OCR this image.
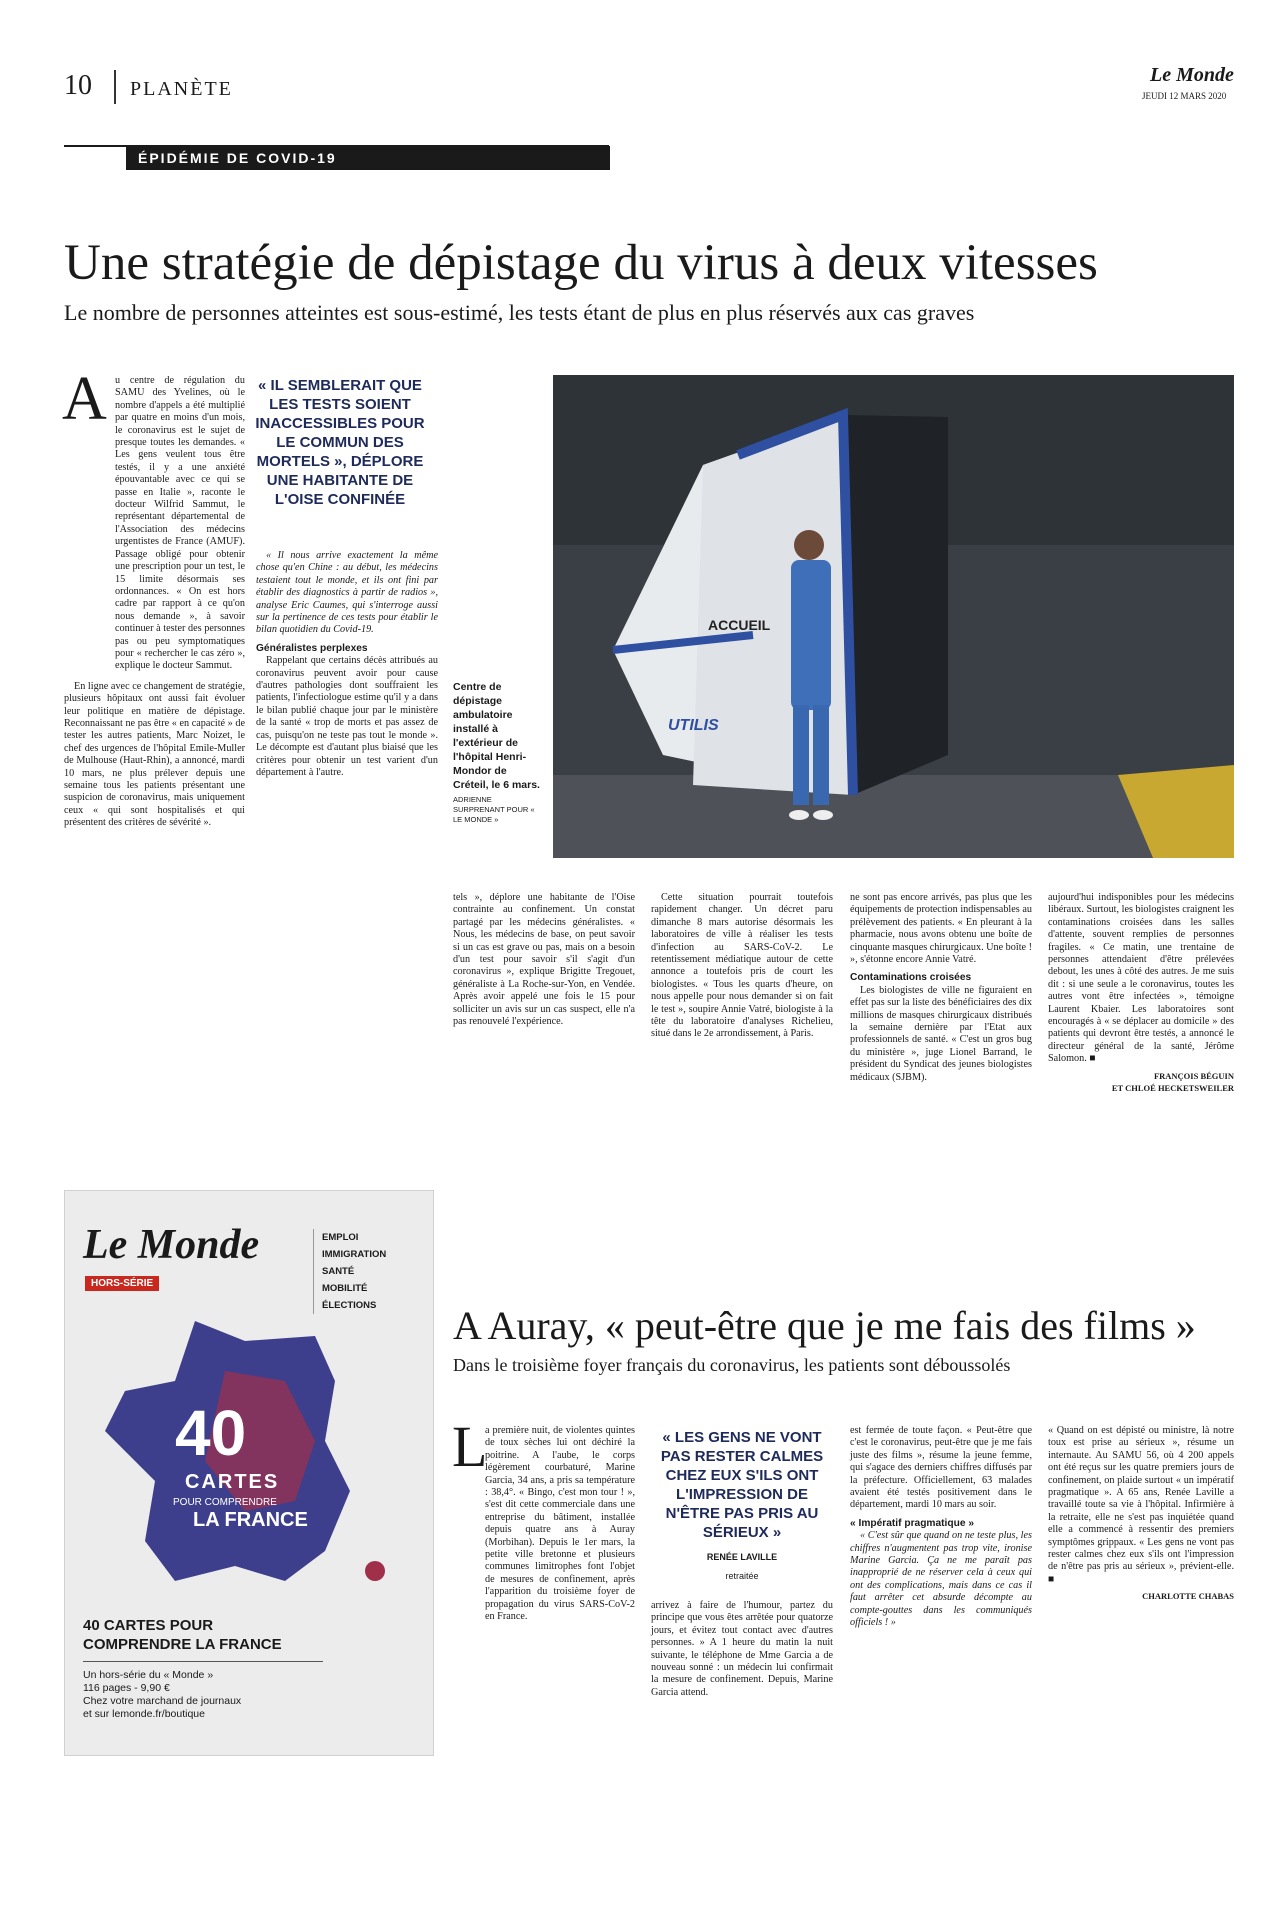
10 PLANÈTE
Le Monde
JEUDI 12 MARS 2020
ÉPIDÉMIE DE COVID-19
Une stratégie de dépistage du virus à deux vitesses
Le nombre de personnes atteintes est sous-estimé, les tests étant de plus en plus réservés aux cas graves
A u centre de régulation du SAMU des Yvelines, où le nombre d'appels a été multiplié par quatre en moins d'un mois, le coronavirus est le sujet de presque toutes les demandes. « Les gens veulent tous être testés, il y a une anxiété épouvantable avec ce qui se passe en Italie », raconte le docteur Wilfrid Sammut, le représentant départemental de l'Association des médecins urgentistes de France (AMUF). Passage obligé pour obtenir une prescription pour un test, le 15 limite désormais ses ordonnances. « On est hors cadre par rapport à ce qu'on nous demande », à savoir continuer à tester des personnes pas ou peu symptomatiques pour « rechercher le cas zéro », explique le docteur Sammut.

En ligne avec ce changement de stratégie, plusieurs hôpitaux ont aussi fait évoluer leur politique en matière de dépistage. Reconnaissant ne pas être « en capacité » de tester les autres patients, Marc Noizet, le chef des urgences de l'hôpital Emile-Muller de Mulhouse (Haut-Rhin), a annoncé, mardi 10 mars, ne plus prélever depuis une semaine tous les patients présentant une suspicion de coronavirus, mais uniquement ceux « qui sont hospitalisés et qui présentent des critères de sévérité ».

« IL SEMBLERAIT QUE LES TESTS SOIENT INACCESSIBLES POUR LE COMMUN DES MORTELS », DÉPLORE UNE HABITANTE DE L'OISE CONFINÉE

« Il nous arrive exactement la même chose qu'en Chine : au début, les médecins testaient tout le monde, et ils ont fini par établir des diagnostics à partir de radios », analyse Eric Caumes, qui s'interroge aussi sur la pertinence de ces tests pour établir le bilan quotidien du Covid-19.

Généralistes perplexes

Rappelant que certains décès attribués au coronavirus peuvent avoir pour cause d'autres pathologies dont souffraient les patients, l'infectiologue estime qu'il y a dans le bilan publié chaque jour par le ministère de la santé « trop de morts et pas assez de cas, puisqu'on ne teste pas tout le monde ». Le décompte est d'autant plus biaisé que les critères pour obtenir un test varient d'un département à l'autre.

Centre de dépistage ambulatoire installé à l'extérieur de l'hôpital Henri-Mondor de Créteil, le 6 mars.
ADRIENNE SURPRENANT POUR « LE MONDE »
ACCUEIL
UTILIS

tels », déplore une habitante de l'Oise contrainte au confinement. Un constat partagé par les médecins généralistes. « Nous, les médecins de base, on peut savoir si un cas est grave ou pas, mais on a besoin d'un test pour savoir s'il s'agit d'un coronavirus », explique Brigitte Tregouet, généraliste à La Roche-sur-Yon, en Vendée. Après avoir appelé une fois le 15 pour solliciter un avis sur un cas suspect, elle n'a pas renouvelé l'expérience.

Cette situation pourrait toutefois rapidement changer. Un décret paru dimanche 8 mars autorise désormais les laboratoires de ville à réaliser les tests d'infection au SARS-CoV-2. Le retentissement médiatique autour de cette annonce a toutefois pris de court les biologistes. « Tous les quarts d'heure, on nous appelle pour nous demander si on fait le test », soupire Annie Vatré, biologiste à la tête du laboratoire d'analyses Richelieu, situé dans le 2e arrondissement, à Paris.

ne sont pas encore arrivés, pas plus que les équipements de protection indispensables au prélèvement des patients. « En pleurant à la pharmacie, nous avons obtenu une boîte de cinquante masques chirurgicaux. Une boîte ! », s'étonne encore Annie Vatré.

Contaminations croisées

Les biologistes de ville ne figuraient en effet pas sur la liste des bénéficiaires des dix millions de masques chirurgicaux distribués la semaine dernière par l'Etat aux professionnels de santé. « C'est un gros bug du ministère », juge Lionel Barrand, le président du Syndicat des jeunes biologistes médicaux (SJBM).

aujourd'hui indisponibles pour les médecins libéraux. Surtout, les biologistes craignent les contaminations croisées dans les salles d'attente, souvent remplies de personnes fragiles. « Ce matin, une trentaine de personnes attendaient d'être prélevées debout, les unes à côté des autres. Je me suis dit : si une seule a le coronavirus, toutes les autres vont être infectées », témoigne Laurent Kbaier. Les laboratoires sont encouragés à « se déplacer au domicile » des patients qui devront être testés, a annoncé le directeur général de la santé, Jérôme Salomon. ■

FRANÇOIS BÉGUIN
ET CHLOÉ HECKETSWEILER
Le Monde
HORS-SÉRIE
EMPLOI
IMMIGRATION
SANTÉ
MOBILITÉ
ÉLECTIONS
40
CARTES
POUR COMPRENDRE
LA FRANCE
40 CARTES POUR COMPRENDRE LA FRANCE
Un hors-série du « Monde »
116 pages - 9,90 €
Chez votre marchand de journaux
et sur lemonde.fr/boutique
A Auray, « peut-être que je me fais des films »
Dans le troisième foyer français du coronavirus, les patients sont déboussolés
L
a première nuit, de violentes quintes de toux sèches lui ont déchiré la poitrine. A l'aube, le corps légèrement courbaturé, Marine Garcia, 34 ans, a pris sa température : 38,4°. « Bingo, c'est mon tour ! », s'est dit cette commerciale dans une entreprise du bâtiment, installée depuis quatre ans à Auray (Morbihan). Depuis le 1er mars, la petite ville bretonne et plusieurs communes limitrophes font l'objet de mesures de confinement, après l'apparition du troisième foyer de propagation du virus SARS-CoV-2 en France.
« LES GENS NE VONT PAS RESTER CALMES CHEZ EUX S'ILS ONT L'IMPRESSION DE N'ÊTRE PAS PRIS AU SÉRIEUX »
RENÉE LAVILLE
retraitée

arrivez à faire de l'humour, partez du principe que vous êtes arrêtée pour quatorze jours, et évitez tout contact avec d'autres personnes. » A 1 heure du matin la nuit suivante, le téléphone de Mme Garcia a de nouveau sonné : un médecin lui confirmait la mesure de confinement. Depuis, Marine Garcia attend.

est fermée de toute façon. « Peut-être que c'est le coronavirus, peut-être que je me fais juste des films », résume la jeune femme, qui s'agace des derniers chiffres diffusés par la préfecture. Officiellement, 63 malades avaient été testés positivement dans le département, mardi 10 mars au soir.

« Impératif pragmatique »

« C'est sûr que quand on ne teste plus, les chiffres n'augmentent pas trop vite, ironise Marine Garcia. Ça ne me paraît pas inapproprié de ne réserver cela à ceux qui ont des complications, mais dans ce cas il faut arrêter cet absurde décompte au compte-gouttes dans les communiqués officiels ! »

« Quand on est dépisté ou ministre, là notre toux est prise au sérieux », résume un internaute. Au SAMU 56, où 4 200 appels ont été reçus sur les quatre premiers jours de confinement, on plaide surtout « un impératif pragmatique ». A 65 ans, Renée Laville a travaillé toute sa vie à l'hôpital. Infirmière à la retraite, elle ne s'est pas inquiétée quand elle a commencé à ressentir des premiers symptômes grippaux. « Les gens ne vont pas rester calmes chez eux s'ils ont l'impression de n'être pas pris au sérieux », prévient-elle. ■

CHARLOTTE CHABAS
